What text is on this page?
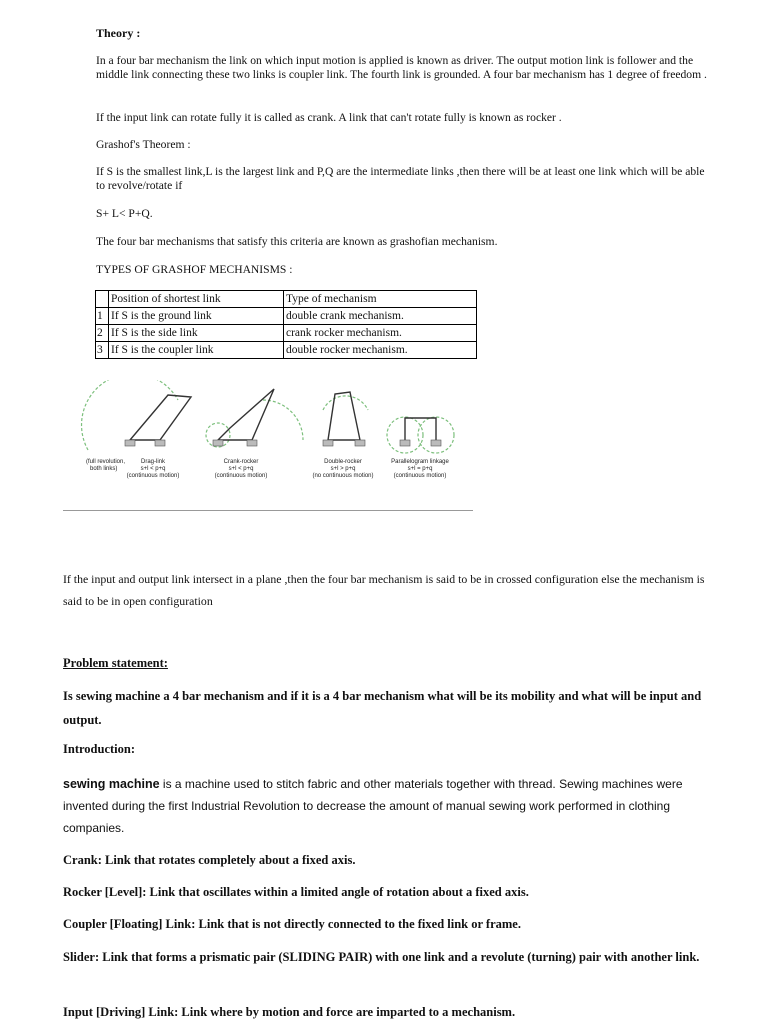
Theory :

In a four bar mechanism the link on which input motion is applied is known as driver. The output motion link is follower and the middle link connecting these two links is coupler link. The fourth link is grounded. A four bar mechanism has 1 degree of freedom .

If the input link can rotate fully it is called as crank. A link that can't rotate fully is known as rocker .

Grashof's Theorem :

If S is the smallest link,L is the largest link and P,Q are the intermediate links ,then there will be at least one link which will be able to revolve/rotate if

S+ L< P+Q.

The four bar mechanisms that satisfy this criteria are known as grashofian mechanism.

TYPES OF GRASHOF MECHANISMS :

	Position of shortest link	Type of mechanism
1	If S is the ground link	double crank mechanism.
2	If S is the side link	crank rocker mechanism.
3	If S is the coupler link	double rocker mechanism.
(full revolution,
both links)
Drag-link
s+l < p+q
(continuous motion)
Crank-rocker
s+l < p+q
(continuous motion)
Double-rocker
s+l > p+q
(no continuous motion)
Parallelogram linkage
s+l = p+q
(continuous motion)

If the input and output link intersect in a plane ,then the four bar mechanism is said to be in crossed configuration else the mechanism is said to be in open configuration

Problem statement:
Is sewing machine a 4 bar mechanism and if it is a 4 bar mechanism what will be its mobility and what will be input and output.
Introduction:
sewing machine is a machine used to stitch fabric and other materials together with thread. Sewing machines were invented during the first Industrial Revolution to decrease the amount of manual sewing work performed in clothing companies.
Crank: Link that rotates completely about a fixed axis.
Rocker [Level]: Link that oscillates within a limited angle of rotation about a fixed axis.
Coupler [Floating] Link: Link that is not directly connected to the fixed link or frame.
Slider: Link that forms a prismatic pair (SLIDING PAIR) with one link and a revolute (turning) pair with another link.
Input [Driving] Link: Link where by motion and force are imparted to a mechanism.
